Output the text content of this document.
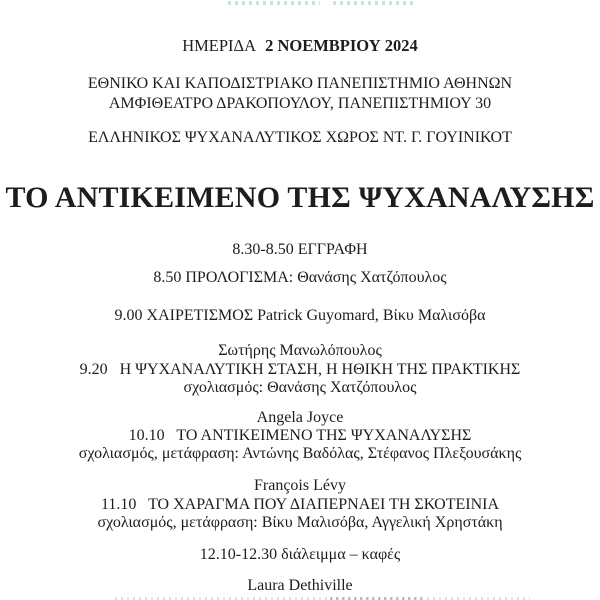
ΗΜΕΡΙΔΑ 2 ΝΟΕΜΒΡΙΟΥ 2024
ΕΘΝΙΚΟ ΚΑΙ ΚΑΠΟΔΙΣΤΡΙΑΚΟ ΠΑΝΕΠΙΣΤΗΜΙΟ ΑΘΗΝΩΝ
ΑΜΦΙΘΕΑΤΡΟ ΔΡΑΚΟΠΟΥΛΟΥ, ΠΑΝΕΠΙΣΤΗΜΙΟΥ 30
ΕΛΛΗΝΙΚΟΣ ΨΥΧΑΝΑΛΥΤΙΚΟΣ ΧΩΡΟΣ ΝΤ. Γ. ΓΟΥΙΝΙΚΟΤ
ΤΟ ΑΝΤΙΚΕΙΜΕΝΟ ΤΗΣ ΨΥΧΑΝΑΛΥΣΗΣ
8.30-8.50 ΕΓΓΡΑΦΗ
8.50 ΠΡΟΛΟΓΙΣΜΑ: Θανάσης Χατζόπουλος
9.00 ΧΑΙΡΕΤΙΣΜΟΣ Patrick Guyomard, Βίκυ Μαλισόβα
Σωτήρης Μανωλόπουλος
9.20   Η ΨΥΧΑΝΑΛΥΤΙΚΗ ΣΤΑΣΗ, Η ΗΘΙΚΗ ΤΗΣ ΠΡΑΚΤΙΚΗΣ
σχολιασμός: Θανάσης Χατζόπουλος
Angela Joyce
10.10   ΤΟ ΑΝΤΙΚΕΙΜΕΝΟ ΤΗΣ ΨΥΧΑΝΑΛΥΣΗΣ
σχολιασμός, μετάφραση: Αντώνης Βαδόλας, Στέφανος Πλεξουσάκης
François Lévy
11.10   ΤΟ ΧΑΡΑΓΜΑ ΠΟΥ ΔΙΑΠΕΡΝΑΕΙ ΤΗ ΣΚΟΤΕΙΝΙΑ
σχολιασμός, μετάφραση: Βίκυ Μαλισόβα, Αγγελική Χρηστάκη
12.10-12.30 διάλειμμα – καφές
Laura Dethiville
